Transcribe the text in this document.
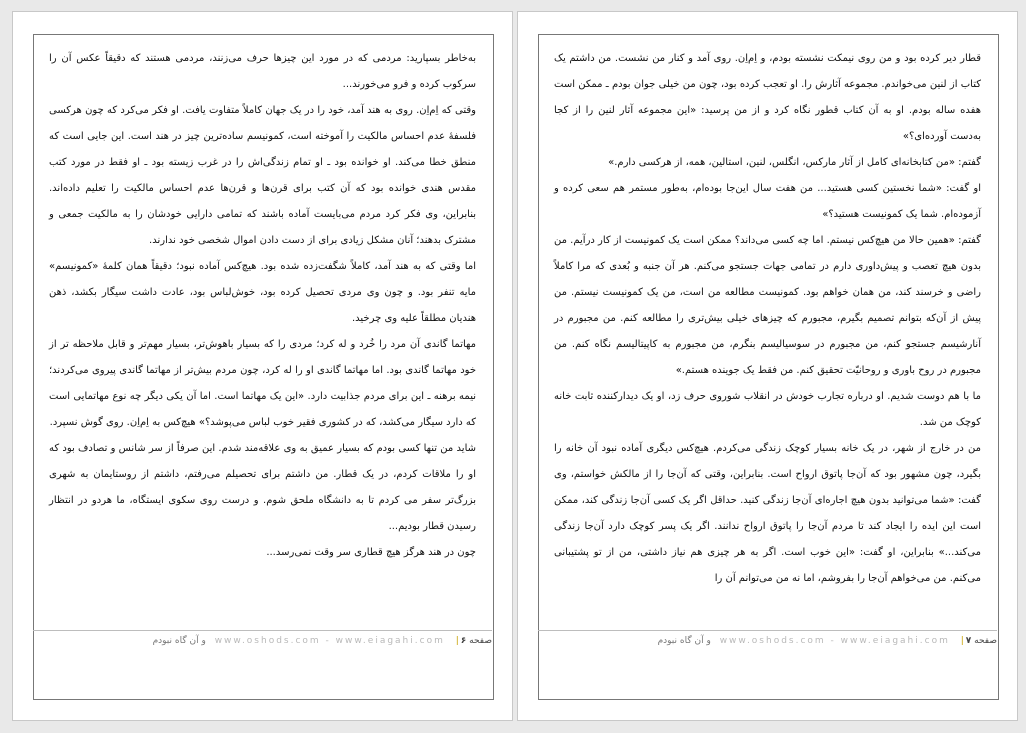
به‌خاطر بسپارید: مردمی که در مورد این چیزها حرف می‌زنند، مردمی هستند که دقیقاً عکس آن را سرکوب کرده و فرو می‌خورند...

وقتی که اِم‌اِن. روی به هند آمد، خود را در یک جهان کاملاً متفاوت یافت. او فکر می‌کرد که چون هرکسی فلسفهٔ عدم احساس مالکیت را آموخته است، کمونیسم ساده‌ترین چیز در هند است. این جایی است که منطق خطا می‌کند. او خوانده بود ـ او تمام زندگی‌اش را در غرب زیسته بود ـ او فقط در مورد کتب مقدس هندی خوانده بود که آن کتب برای قرن‌ها و قرن‌ها عدم احساس مالکیت را تعلیم داده‌اند. بنابراین، وی فکر کرد مردم می‌بایست آماده باشند که تمامی دارایی خودشان را به مالکیت جمعی و مشترک بدهند؛ آنان مشکل زیادی برای از دست دادن اموال شخصی خود ندارند.

اما وقتی که به هند آمد، کاملاً شگفت‌زده شده بود. هیچ‌کس آماده نبود؛ دقیقاً همان کلمهٔ «کمونیسم» مایه تنفر بود. و چون وی مردی تحصیل کرده بود، خوش‌لباس بود، عادت داشت سیگار بکشد، ذهن هندیان مطلقاً علیه وی چرخید.

مهاتما گاندی آن مرد را خُرد و له کرد؛ مردی را که بسیار باهوش‌تر، بسیار مهم‌تر و قابل ملاحظه تر از خود مهاتما گاندی بود. اما مهاتما گاندی او را له کرد، چون مردم بیش‌تر از مهاتما گاندی پیروی می‌کردند؛ نیمه برهنه ـ این برای مردم جذابیت دارد. «این یک مهاتما است. اما آن یکی دیگر چه نوع مهاتمایی است که دارد سیگار می‌کشد، که در کشوری فقیر خوب لباس می‌پوشد؟» هیچ‌کس به اِم‌اِن. روی گوش نسپرد.

شاید من تنها کسی بودم که بسیار عمیق به وی علاقه‌مند شدم. این صرفاً از سر شانس و تصادف بود که او را ملاقات کردم، در یک قطار. من داشتم برای تحصیلم می‌رفتم، داشتم از روستایمان به شهری بزرگ‌تر سفر می کردم تا به دانشگاه ملحق شوم. و درست روی سکوی ایستگاه، ما هردو در انتظار رسیدن قطار بودیم...

چون در هند هرگز هیچ قطاری سر وقت نمی‌رسد...

صفحه ۶| www.oshods.com - www.eiagahi.com و آن گاه نبودم

قطار دیر کرده بود و من روی نیمکت نشسته بودم، و اِم‌اِن. روی آمد و کنار من نشست. من داشتم یک کتاب از لنین می‌خواندم. مجموعه آثارش را. او تعجب کرده بود، چون من خیلی جوان بودم ـ ممکن است هفده ساله بودم. او به آن کتاب قطور نگاه کرد و از من پرسید: «این مجموعه آثار لنین را از کجا به‌دست آورده‌ای؟»

گفتم: «من کتابخانه‌ای کامل از آثار مارکس، انگلس، لنین، استالین، همه، از هرکسی دارم.»

او گفت: «شما نخستین کسی هستید... من هفت سال این‌جا بوده‌ام، به‌طور مستمر هم سعی کرده و آزموده‌ام. شما یک کمونیست هستید؟»

گفتم: «همین حالا من هیچ‌کس نیستم. اما چه کسی می‌داند؟ ممکن است یک کمونیست از کار درآیم. من بدون هیچ تعصب و پیش‌داوری دارم در تمامی جهات جستجو می‌کنم. هر آن جنبه و بُعدی که مرا کاملاً راضی و خرسند کند، من همان خواهم بود. کمونیست مطالعه من است، من یک کمونیست نیستم. من پیش از آن‌که بتوانم تصمیم بگیرم، مجبورم که چیزهای خیلی بیش‌تری را مطالعه کنم. من مجبورم در آنارشیسم جستجو کنم، من مجبورم در سوسیالیسم بنگرم، من مجبورم به کاپیتالیسم نگاه کنم. من مجبورم در روح باوری و روحانیّت تحقیق کنم. من فقط یک جوینده هستم.»

ما با هم دوست شدیم. او درباره تجارب خودش در انقلاب شوروی حرف زد، او یک دیدارکننده ثابت خانه کوچک من شد.

من در خارج از شهر، در یک خانه بسیار کوچک زندگی می‌کردم. هیچ‌کس دیگری آماده نبود آن خانه را بگیرد، چون مشهور بود که آن‌جا پاتوق ارواح است. بنابراین، وقتی که آن‌جا را از مالکش خواستم، وی گفت: «شما می‌توانید بدون هیچ اجاره‌ای آن‌جا زندگی کنید. حداقل اگر یک کسی آن‌جا زندگی کند، ممکن است این ایده را ایجاد کند تا مردم آن‌جا را پاتوق ارواح ندانند. اگر یک پسر کوچک دارد آن‌جا زندگی می‌کند...» بنابراین، او گفت: «این خوب است. اگر به هر چیزی هم نیاز داشتی، من از تو پشتیبانی می‌کنم. من می‌خواهم آن‌جا را بفروشم، اما نه من می‌توانم آن را

صفحه ۷| www.oshods.com - www.eiagahi.com و آن گاه نبودم
